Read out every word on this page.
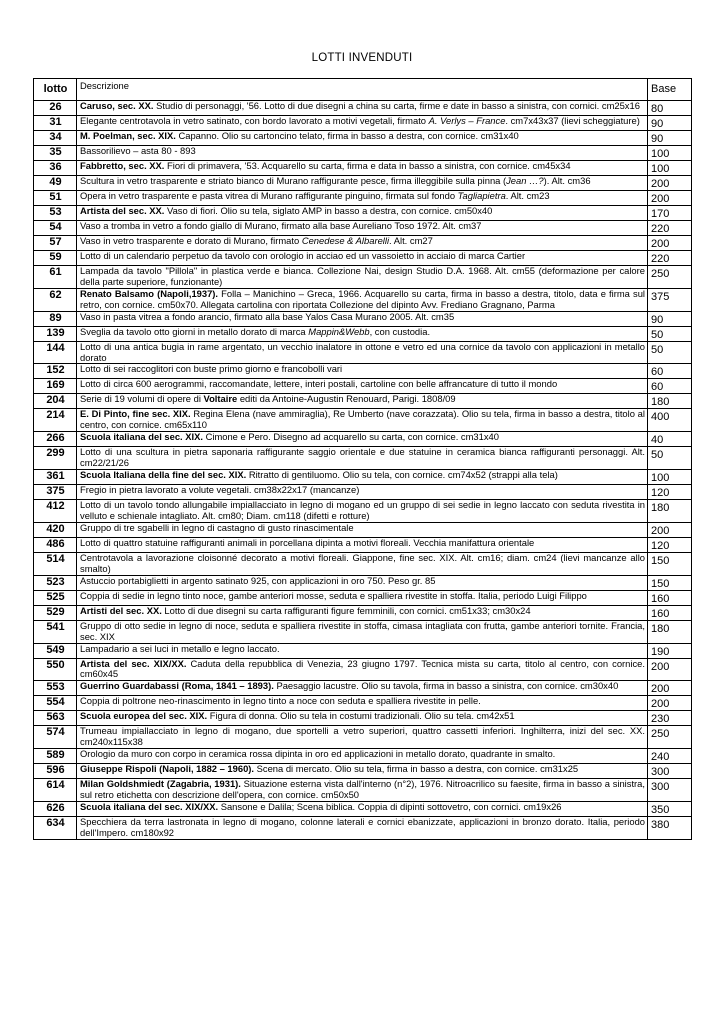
LOTTI INVENDUTI
lotto	Descrizione	Base
26	Caruso, sec. XX. Studio di personaggi, '56. Lotto di due disegni a china su carta, firme e date in basso a sinistra, con cornici. cm25x16	80
31	Elegante centrotavola in vetro satinato, con bordo lavorato a motivi vegetali, firmato A. Verlys – France. cm7x43x37 (lievi scheggiature)	90
34	M. Poelman, sec. XIX. Capanno. Olio su cartoncino telato, firma in basso a destra, con cornice. cm31x40	90
35	Bassorilievo – asta 80 - 893	100
36	Fabbretto, sec. XX. Fiori di primavera, '53. Acquarello su carta, firma e data in basso a sinistra, con cornice. cm45x34	100
49	Scultura in vetro trasparente e striato bianco di Murano raffigurante pesce, firma illeggibile sulla pinna (Jean …?). Alt. cm36	200
51	Opera in vetro trasparente e pasta vitrea di Murano raffigurante pinguino, firmata sul fondo Tagliapietra. Alt. cm23	200
53	Artista del sec. XX. Vaso di fiori. Olio su tela, siglato AMP in basso a destra, con cornice. cm50x40	170
54	Vaso a tromba in vetro a fondo giallo di Murano, firmato alla base Aureliano Toso 1972. Alt. cm37	220
57	Vaso in vetro trasparente e dorato di Murano, firmato Cenedese & Albarelli. Alt. cm27	200
59	Lotto di un calendario perpetuo da tavolo con orologio in acciao ed un vassoietto in acciaio di marca Cartier	220
61	Lampada da tavolo "Pillola" in plastica verde e bianca. Collezione Nai, design Studio D.A. 1968. Alt. cm55 (deformazione per calore della parte superiore, funzionante)	250
62	Renato Balsamo (Napoli,1937). Folla – Manichino – Greca, 1966. Acquarello su carta, firma in basso a destra, titolo, data e firma sul retro, con cornice. cm50x70. Allegata cartolina con riportata Collezione del dipinto Avv. Frediano Gragnano, Parma	375
89	Vaso in pasta vitrea a fondo arancio, firmato alla base Yalos Casa Murano 2005. Alt. cm35	90
139	Sveglia da tavolo otto giorni in metallo dorato di marca Mappin&Webb, con custodia.	50
144	Lotto di una antica bugia in rame argentato, un vecchio inalatore in ottone e vetro ed una cornice da tavolo con applicazioni in metallo dorato	50
152	Lotto di sei raccoglitori con buste primo giorno e francobolli vari	60
169	Lotto di circa 600 aerogrammi, raccomandate, lettere, interi postali, cartoline con belle affrancature di tutto il mondo	60
204	Serie di 19 volumi di opere di Voltaire editi da Antoine-Augustin Renouard, Parigi. 1808/09	180
214	E. Di Pinto, fine sec. XIX. Regina Elena (nave ammiraglia), Re Umberto (nave corazzata). Olio su tela, firma in basso a destra, titolo al centro, con cornice. cm65x110	400
266	Scuola italiana del sec. XIX. Cimone e Pero. Disegno ad acquarello su carta, con cornice. cm31x40	40
299	Lotto di una scultura in pietra saponaria raffigurante saggio orientale e due statuine in ceramica bianca raffiguranti personaggi. Alt. cm22/21/26	50
361	Scuola Italiana della fine del sec. XIX. Ritratto di gentiluomo. Olio su tela, con cornice. cm74x52 (strappi alla tela)	100
375	Fregio in pietra lavorato a volute vegetali. cm38x22x17 (mancanze)	120
412	Lotto di un tavolo tondo allungabile impiallacciato in legno di mogano ed un gruppo di sei sedie in legno laccato con seduta rivestita in velluto e schienale intagliato. Alt. cm80; Diam. cm118 (difetti e rotture)	180
420	Gruppo di tre sgabelli in legno di castagno di gusto rinascimentale	200
486	Lotto di quattro statuine raffiguranti animali in porcellana dipinta a motivi floreali. Vecchia manifattura orientale	120
514	Centrotavola a lavorazione cloisonné decorato a motivi floreali. Giappone, fine sec. XIX. Alt. cm16; diam. cm24 (lievi mancanze allo smalto)	150
523	Astuccio portabiglietti in argento satinato 925, con applicazioni in oro 750. Peso gr. 85	150
525	Coppia di sedie in legno tinto noce, gambe anteriori mosse, seduta e spalliera rivestite in stoffa. Italia, periodo Luigi Filippo	160
529	Artisti del sec. XX. Lotto di due disegni su carta raffiguranti figure femminili, con cornici. cm51x33; cm30x24	160
541	Gruppo di otto sedie in legno di noce, seduta e spalliera rivestite in stoffa, cimasa intagliata con frutta, gambe anteriori tornite. Francia, sec. XIX	180
549	Lampadario a sei luci in metallo e legno laccato.	190
550	Artista del sec. XIX/XX. Caduta della repubblica di Venezia, 23 giugno 1797. Tecnica mista su carta, titolo al centro, con cornice. cm60x45	200
553	Guerrino Guardabassi (Roma, 1841 – 1893). Paesaggio lacustre. Olio su tavola, firma in basso a sinistra, con cornice. cm30x40	200
554	Coppia di poltrone neo-rinascimento in legno tinto a noce con seduta e spalliera rivestite in pelle.	200
563	Scuola europea del sec. XIX. Figura di donna. Olio su tela in costumi tradizionali. Olio su tela. cm42x51	230
574	Trumeau impiallacciato in legno di mogano, due sportelli a vetro superiori, quattro cassetti inferiori. Inghilterra, inizi del sec. XX. cm240x115x38	250
589	Orologio da muro con corpo in ceramica rossa dipinta in oro ed applicazioni in metallo dorato, quadrante in smalto.	240
596	Giuseppe Rispoli (Napoli, 1882 – 1960). Scena di mercato. Olio su tela, firma in basso a destra, con cornice. cm31x25	300
614	Milan Goldshmiedt (Zagabria, 1931). Situazione esterna vista dall'interno (n°2), 1976. Nitroacrilico su faesite, firma in basso a sinistra, sul retro etichetta con descrizione dell'opera, con cornice. cm50x50	300
626	Scuola italiana del sec. XIX/XX. Sansone e Dalila; Scena biblica. Coppia di dipinti sottovetro, con cornici. cm19x26	350
634	Specchiera da terra lastronata in legno di mogano, colonne laterali e cornici ebanizzate, applicazioni in bronzo dorato. Italia, periodo dell'Impero. cm180x92	380
